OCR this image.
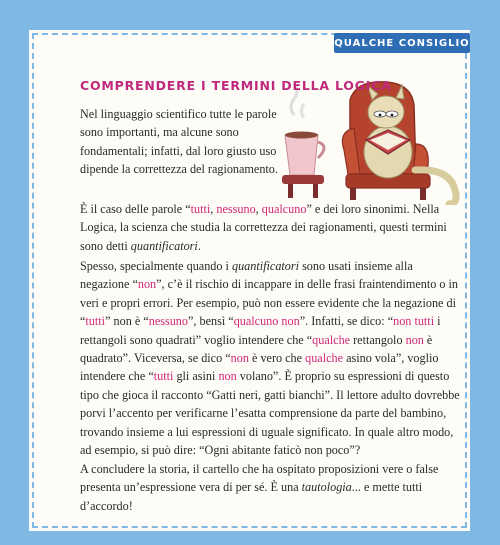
QUALCHE CONSIGLIO
COMPRENDERE I TERMINI DELLA LOGICA

Nel linguaggio scientifico tutte le parole sono importanti, ma alcune sono fondamentali; infatti, dal loro giusto uso dipende la correttezza del ragionamento.

È il caso delle parole “tutti, nessuno, qualcuno” e dei loro sinonimi. Nella Logica, la scienza che studia la correttezza dei ragionamenti, questi termini sono detti quantificatori.

Spesso, specialmente quando i quantificatori sono usati insieme alla negazione “non”, c’è il rischio di incappare in delle frasi fraintendimento o in veri e propri errori. Per esempio, può non essere evidente che la negazione di “tutti” non è “nessuno”, bensì “qualcuno non”. Infatti, se dico: “non tutti i rettangoli sono quadrati” voglio intendere che “qualche rettangolo non è quadrato”. Viceversa, se dico “non è vero che qualche asino vola”, voglio intendere che “tutti gli asini non volano”. È proprio su espressioni di questo tipo che gioca il racconto “Gatti neri, gatti bianchi”. Il lettore adulto dovrebbe porvi l’accento per verificarne l’esatta comprensione da parte del bambino, trovando insieme a lui espressioni di uguale significato. In quale altro modo, ad esempio, si può dire: “Ogni abitante faticò non poco”?

A concludere la storia, il cartello che ha ospitato proposizioni vere o false presenta un’espressione vera di per sé. È una tautologia... e mette tutti d’accordo!
